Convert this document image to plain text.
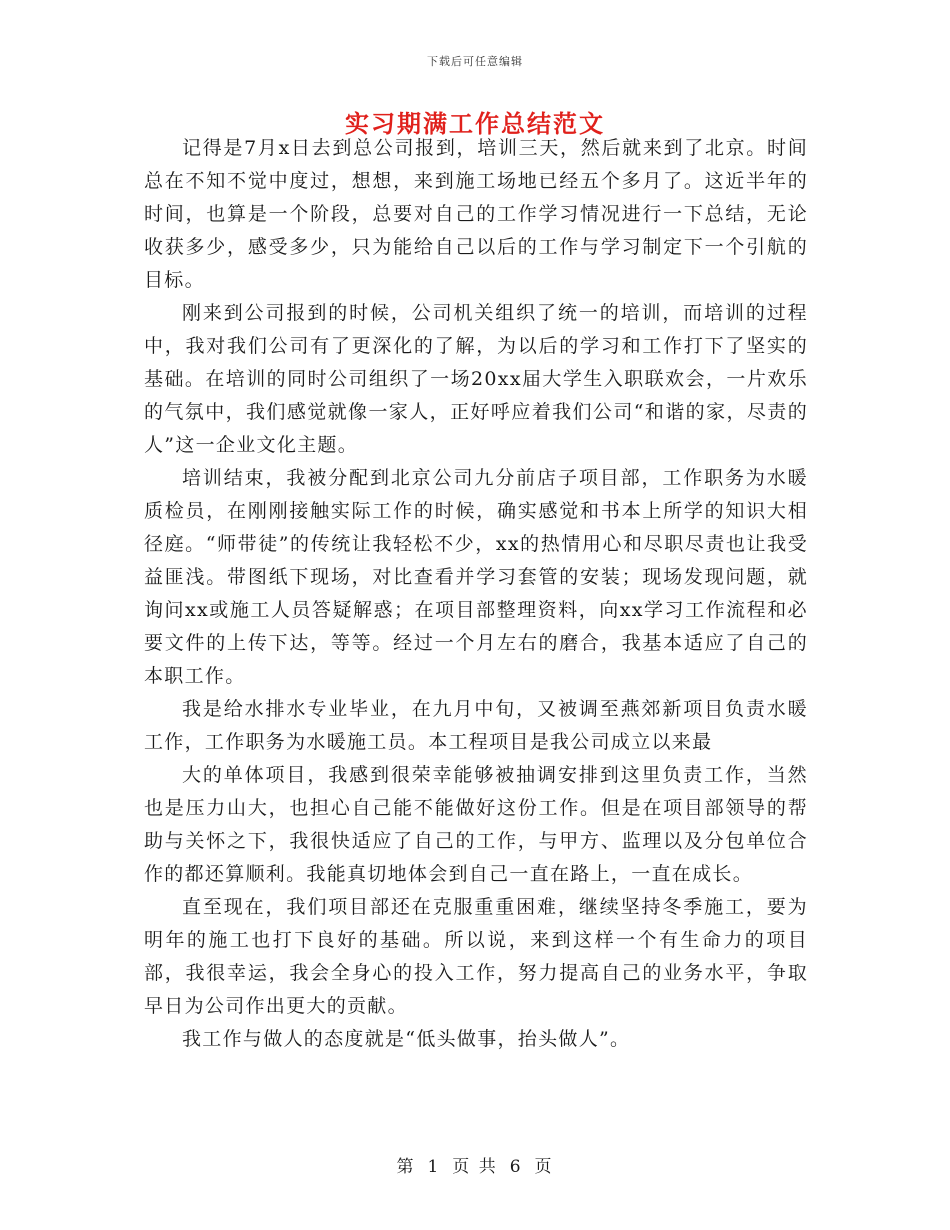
下载后可任意编辑
实习期满工作总结范文

记得是7月x日去到总公司报到，培训三天，然后就来到了北京。时间总在不知不觉中度过，想想，来到施工场地已经五个多月了。这近半年的时间，也算是一个阶段，总要对自己的工作学习情况进行一下总结，无论收获多少，感受多少，只为能给自己以后的工作与学习制定下一个引航的目标。

刚来到公司报到的时候，公司机关组织了统一的培训，而培训的过程中，我对我们公司有了更深化的了解，为以后的学习和工作打下了坚实的基础。在培训的同时公司组织了一场20xx届大学生入职联欢会，一片欢乐的气氛中，我们感觉就像一家人，正好呼应着我们公司“和谐的家，尽责的人”这一企业文化主题。

培训结束，我被分配到北京公司九分前店子项目部，工作职务为水暖质检员，在刚刚接触实际工作的时候，确实感觉和书本上所学的知识大相径庭。“师带徒”的传统让我轻松不少，xx的热情用心和尽职尽责也让我受益匪浅。带图纸下现场，对比查看并学习套管的安装；现场发现问题，就询问xx或施工人员答疑解惑；在项目部整理资料，向xx学习工作流程和必要文件的上传下达，等等。经过一个月左右的磨合，我基本适应了自己的本职工作。

我是给水排水专业毕业，在九月中旬，又被调至燕郊新项目负责水暖工作，工作职务为水暖施工员。本工程项目是我公司成立以来最

大的单体项目，我感到很荣幸能够被抽调安排到这里负责工作，当然也是压力山大，也担心自己能不能做好这份工作。但是在项目部领导的帮助与关怀之下，我很快适应了自己的工作，与甲方、监理以及分包单位合作的都还算顺利。我能真切地体会到自己一直在路上，一直在成长。

直至现在，我们项目部还在克服重重困难，继续坚持冬季施工，要为明年的施工也打下良好的基础。所以说，来到这样一个有生命力的项目部，我很幸运，我会全身心的投入工作，努力提高自己的业务水平，争取早日为公司作出更大的贡献。

我工作与做人的态度就是“低头做事，抬头做人”。

第 1 页 共 6 页
